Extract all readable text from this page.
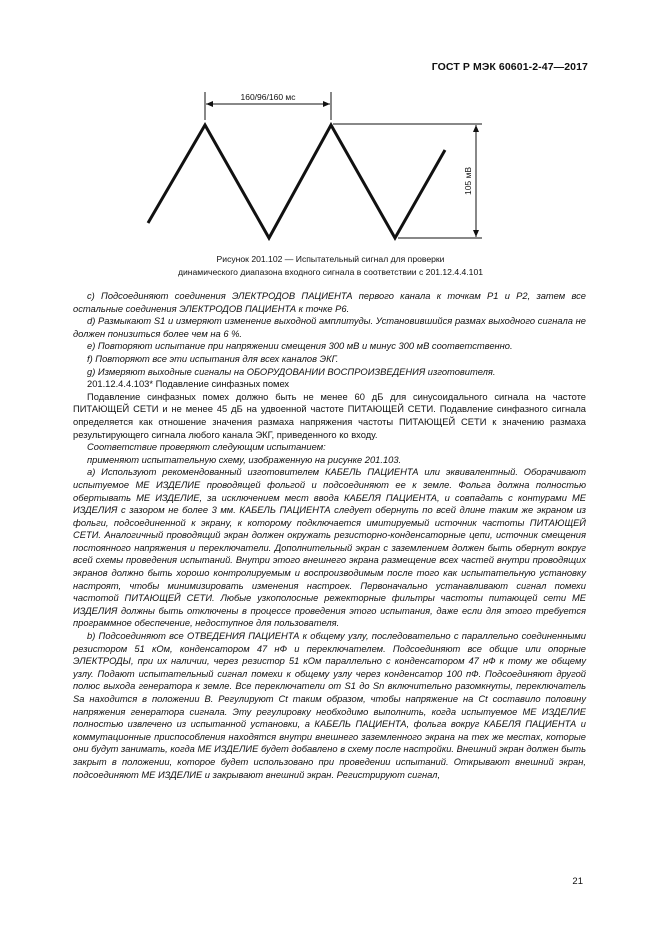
ГОСТ Р МЭК 60601-2-47—2017
160/96/160 мс
105 мВ
Рисунок 201.102 — Испытательный сигнал для проверки
динамического диапазона входного сигнала в соответствии с 201.12.4.4.101

c) Подсоединяют соединения ЭЛЕКТРОДОВ ПАЦИЕНТА первого канала к точкам P1 и P2, затем все остальные соединения ЭЛЕКТРОДОВ ПАЦИЕНТА к точке P6.

d) Размыкают S1 и измеряют изменение выходной амплитуды. Установившийся размах выходного сигнала не должен понизиться более чем на 6 %.

e) Повторяют испытание при напряжении смещения 300 мВ и минус 300 мВ соответственно.

f) Повторяют все эти испытания для всех каналов ЭКГ.

g) Измеряют выходные сигналы на ОБОРУДОВАНИИ ВОСПРОИЗВЕДЕНИЯ изготовителя.

201.12.4.4.103* Подавление синфазных помех

Подавление синфазных помех должно быть не менее 60 дБ для синусоидального сигнала на частоте ПИТАЮЩЕЙ СЕТИ и не менее 45 дБ на удвоенной частоте ПИТАЮЩЕЙ СЕТИ. Подавление синфазного сигнала определяется как отношение значения размаха напряжения частоты ПИТАЮЩЕЙ СЕТИ к значению размаха результирующего сигнала любого канала ЭКГ, приведенного ко входу.

Соответствие проверяют следующим испытанием:

применяют испытательную схему, изображенную на рисунке 201.103.

a) Используют рекомендованный изготовителем КАБЕЛЬ ПАЦИЕНТА или эквивалентный. Оборачивают испытуемое МЕ ИЗДЕЛИЕ проводящей фольгой и подсоединяют ее к земле. Фольга должна полностью обертывать МЕ ИЗДЕЛИЕ, за исключением мест ввода КАБЕЛЯ ПАЦИЕНТА, и совпадать с контурами МЕ ИЗДЕЛИЯ с зазором не более 3 мм. КАБЕЛЬ ПАЦИЕНТА следует обернуть по всей длине таким же экраном из фольги, подсоединенной к экрану, к которому подключается имитируемый источник частоты ПИТАЮЩЕЙ СЕТИ. Аналогичный проводящий экран должен окружать резисторно-конденсаторные цепи, источник смещения постоянного напряжения и переключатели. Дополнительный экран с заземлением должен быть обернут вокруг всей схемы проведения испытаний. Внутри этого внешнего экрана размещение всех частей внутри проводящих экранов должно быть хорошо контролируемым и воспроизводимым после того как испытательную установку настроят, чтобы минимизировать изменения настроек. Первоначально устанавливают сигнал помехи частотой ПИТАЮЩЕЙ СЕТИ. Любые узкополосные режекторные фильтры частоты питающей сети МЕ ИЗДЕЛИЯ должны быть отключены в процессе проведения этого испытания, даже если для этого требуется программное обеспечение, недоступное для пользователя.

b) Подсоединяют все ОТВЕДЕНИЯ ПАЦИЕНТА к общему узлу, последовательно с параллельно соединенными резистором 51 кОм, конденсатором 47 нФ и переключателем. Подсоединяют все общие или опорные ЭЛЕКТРОДЫ, при их наличии, через резистор 51 кОм параллельно с конденсатором 47 нФ к тому же общему узлу. Подают испытательный сигнал помехи к общему узлу через конденсатор 100 пФ. Подсоединяют другой полюс выхода генератора к земле. Все переключатели от S1 до Sn включительно разомкнуты, переключатель Sa находится в положении B. Регулируют Ct таким образом, чтобы напряжение на Ct составило половину напряжения генератора сигнала. Эту регулировку необходимо выполнить, когда испытуемое МЕ ИЗДЕЛИЕ полностью извлечено из испытанной установки, а КАБЕЛЬ ПАЦИЕНТА, фольга вокруг КАБЕЛЯ ПАЦИЕНТА и коммутационные приспособления находятся внутри внешнего заземленного экрана на тех же местах, которые они будут занимать, когда МЕ ИЗДЕЛИЕ будет добавлено в схему после настройки. Внешний экран должен быть закрыт в положении, которое будет использовано при проведении испытаний. Открывают внешний экран, подсоединяют МЕ ИЗДЕЛИЕ и закрывают внешний экран. Регистрируют сигнал,

21
